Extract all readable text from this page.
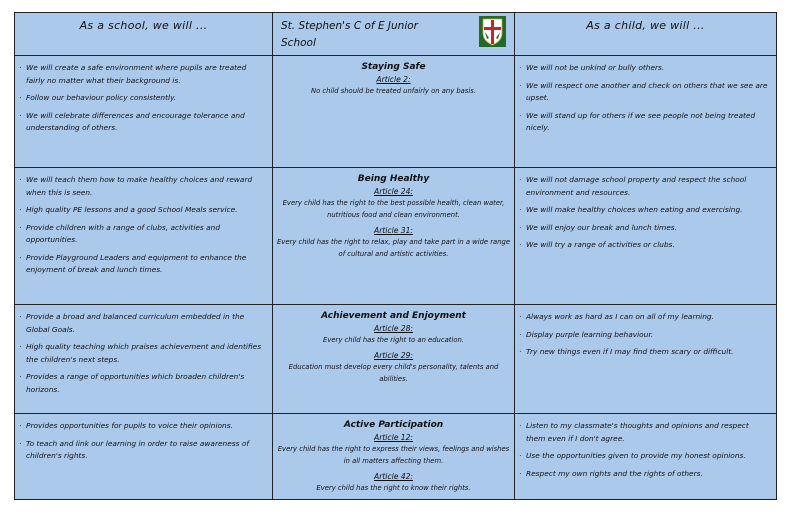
As a school, we will ...	St. Stephen's C of E Junior School
As a child, we will ...
· We will create a safe environment where pupils are treated fairly no matter what their background is.
· Follow our behaviour policy consistently.
· We will celebrate differences and encourage tolerance and understanding of others.
Staying Safe
Article 2:
No child should be treated unfairly on any basis.
· We will not be unkind or bully others.
· We will respect one another and check on others that we see are upset.
· We will stand up for others if we see people not being treated nicely.
· We will teach them how to make healthy choices and reward when this is seen.
· High quality PE lessons and a good School Meals service.
· Provide children with a range of clubs, activities and opportunities.
· Provide Playground Leaders and equipment to enhance the enjoyment of break and lunch times.
Being Healthy
Article 24:
Every child has the right to the best possible health, clean water, nutritious food and clean environment.
Article 31:
Every child has the right to relax, play and take part in a wide range of cultural and artistic activities.
· We will not damage school property and respect the school environment and resources.
· We will make healthy choices when eating and exercising.
· We will enjoy our break and lunch times.
· We will try a range of activities or clubs.
· Provide a broad and balanced curriculum embedded in the Global Goals.
· High quality teaching which praises achievement and identifies the children's next steps.
· Provides a range of opportunities which broaden children's horizons.
Achievement and Enjoyment
Article 28:
Every child has the right to an education.
Article 29:
Education must develop every child's personality, talents and abilities.
· Always work as hard as I can on all of my learning.
· Display purple learning behaviour.
· Try new things even if I may find them scary or difficult.
· Provides opportunities for pupils to voice their opinions.
· To teach and link our learning in order to raise awareness of children's rights.
Active Participation
Article 12:
Every child has the right to express their views, feelings and wishes in all matters affecting them.
Article 42:
Every child has the right to know their rights.
· Listen to my classmate's thoughts and opinions and respect them even if I don't agree.
· Use the opportunities given to provide my honest opinions.
· Respect my own rights and the rights of others.
